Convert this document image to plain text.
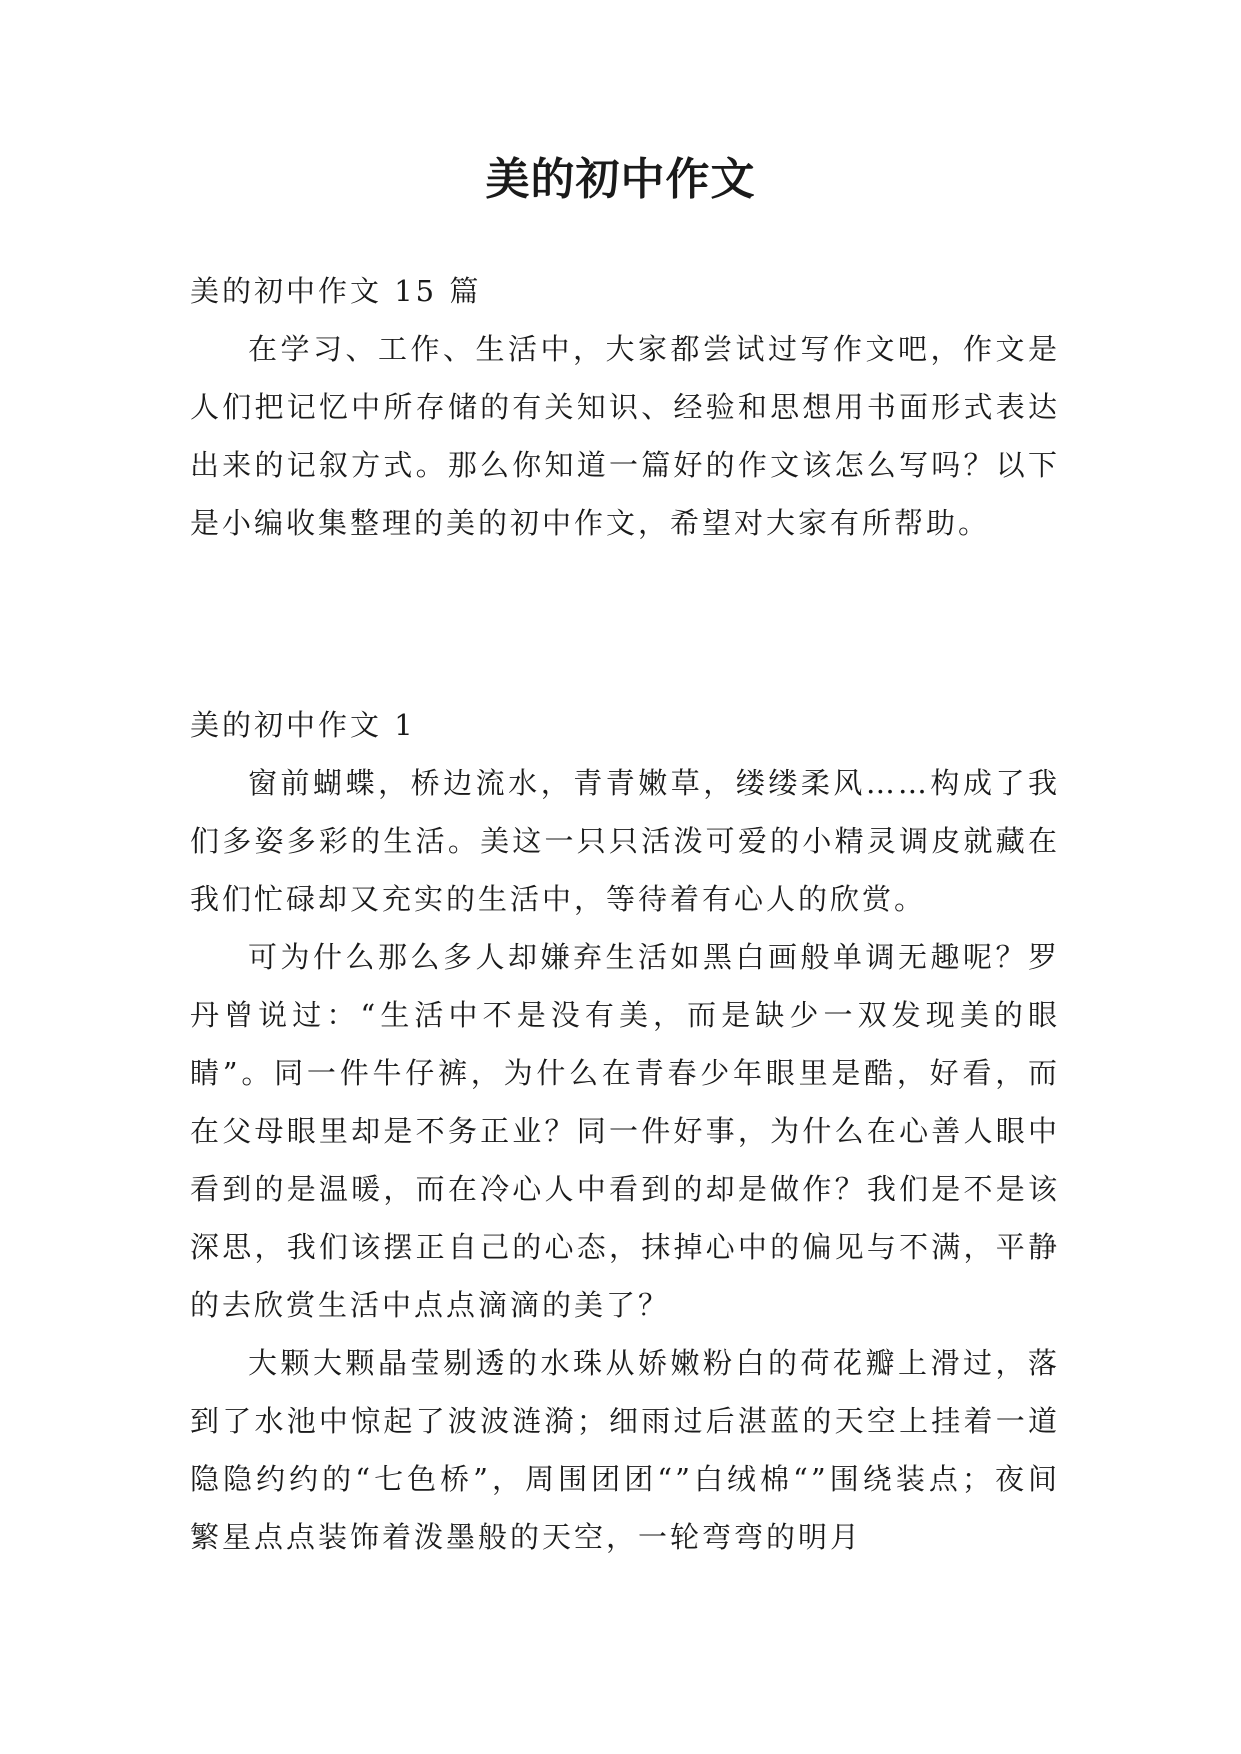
美的初中作文

美的初中作文 15 篇

在学习、工作、生活中，大家都尝试过写作文吧，作文是人们把记忆中所存储的有关知识、经验和思想用书面形式表达出来的记叙方式。那么你知道一篇好的作文该怎么写吗？以下是小编收集整理的美的初中作文，希望对大家有所帮助。

美的初中作文 1

窗前蝴蝶，桥边流水，青青嫩草，缕缕柔风……构成了我们多姿多彩的生活。美这一只只活泼可爱的小精灵调皮就藏在我们忙碌却又充实的生活中，等待着有心人的欣赏。

可为什么那么多人却嫌弃生活如黑白画般单调无趣呢？罗丹曾说过：“生活中不是没有美，而是缺少一双发现美的眼睛”。同一件牛仔裤，为什么在青春少年眼里是酷，好看，而在父母眼里却是不务正业？同一件好事，为什么在心善人眼中看到的是温暖，而在冷心人中看到的却是做作？我们是不是该深思，我们该摆正自己的心态，抹掉心中的偏见与不满，平静的去欣赏生活中点点滴滴的美了？

大颗大颗晶莹剔透的水珠从娇嫩粉白的荷花瓣上滑过，落到了水池中惊起了波波涟漪；细雨过后湛蓝的天空上挂着一道隐隐约约的“七色桥”，周围团团“”白绒棉“”围绕装点；夜间繁星点点装饰着泼墨般的天空，一轮弯弯的明月
